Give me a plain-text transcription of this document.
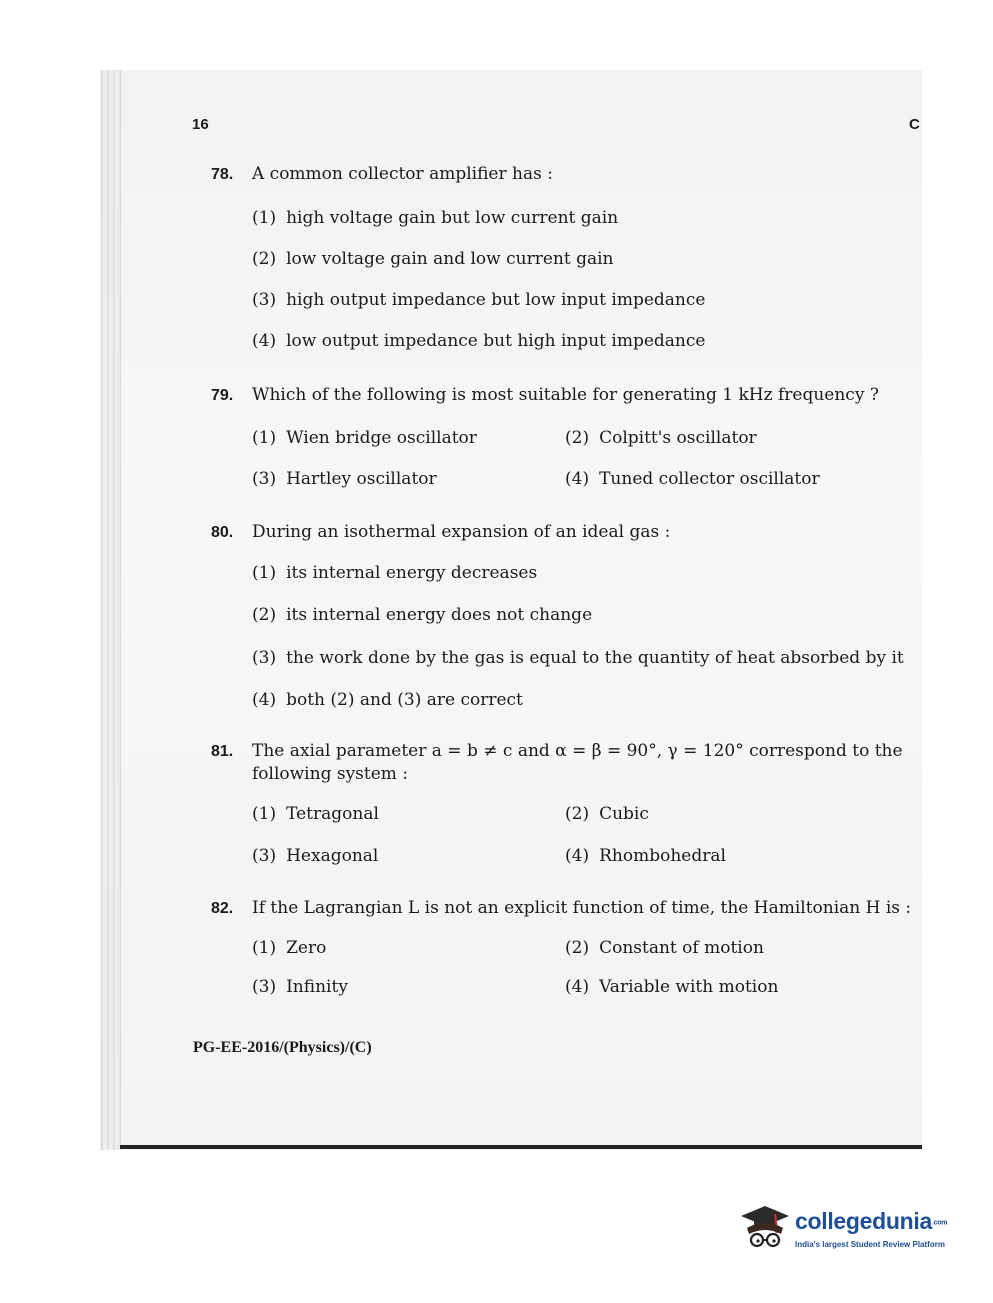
16	C
78. A common collector amplifier has :
(1) high voltage gain but low current gain
(2) low voltage gain and low current gain
(3) high output impedance but low input impedance
(4) low output impedance but high input impedance
79. Which of the following is most suitable for generating 1 kHz frequency ?
(1) Wien bridge oscillator	(2) Colpitt's oscillator
(3) Hartley oscillator	(4) Tuned collector oscillator
80. During an isothermal expansion of an ideal gas :
(1) its internal energy decreases
(2) its internal energy does not change
(3) the work done by the gas is equal to the quantity of heat absorbed by it
(4) both (2) and (3) are correct
81. The axial parameter a = b ≠ c and α = β = 90°, γ = 120° correspond to the following system :
(1) Tetragonal	(2) Cubic
(3) Hexagonal	(4) Rhombohedral
82. If the Lagrangian L is not an explicit function of time, the Hamiltonian H is :
(1) Zero	(2) Constant of motion
(3) Infinity	(4) Variable with motion
PG-EE-2016/(Physics)/(C)
collegedunia.com
India's largest Student Review Platform
